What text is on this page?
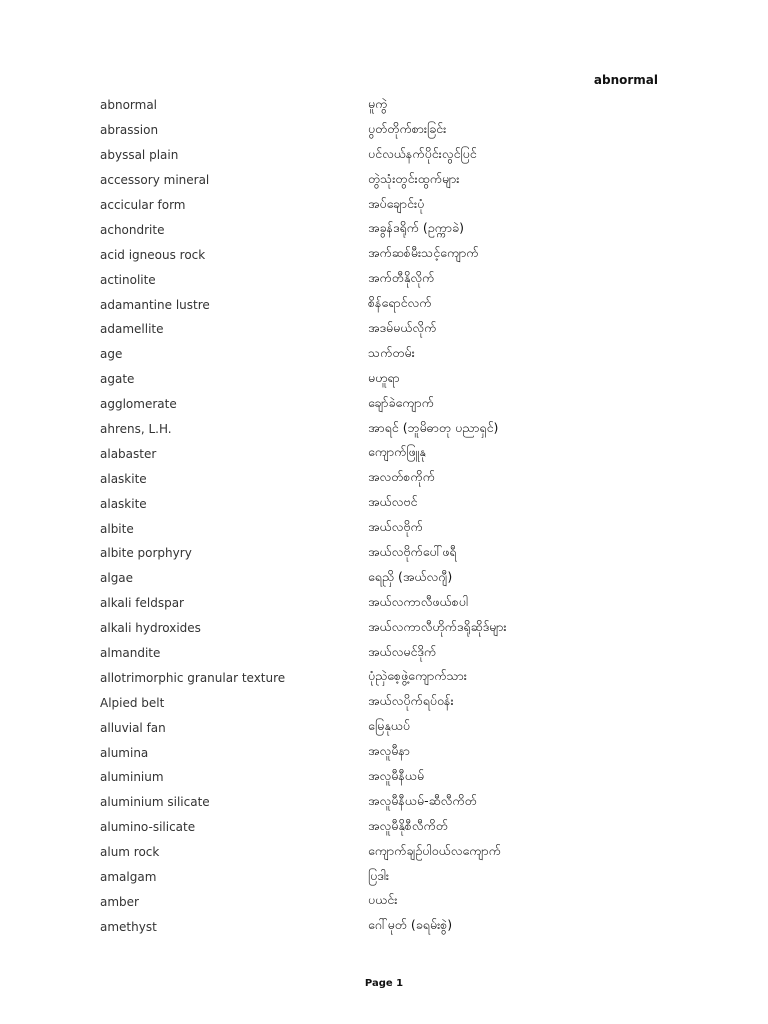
abnormal
abnormal	မူကွဲ
abrassion	ပွတ်တိုက်စားခြင်း
abyssal plain	ပင်လယ်နက်ပိုင်းလွင်ပြင်
accessory mineral	တွဲသုံးတွင်းထွက်များ
accicular form	အပ်ချောင်းပုံ
achondrite	အခွန်ဒရိုက် (ဥက္ကာခဲ)
acid igneous rock	အက်ဆစ်မီးသင့်ကျောက်
actinolite	အက်တီနိုလိုက်
adamantine lustre	စိန်ရောင်လက်
adamellite	အဒမ်မယ်လိုက်
age	သက်တမ်း
agate	မဟူရာ
agglomerate	ချော်ခဲကျောက်
ahrens, L.H.	အာရင် (ဘူမိဓာတု ပညာရှင်)
alabaster	ကျောက်ဖြူနု
alaskite	အလတ်စကိုက်
alaskite	အယ်လဗင်
albite	အယ်လဗိုက်
albite porphyry	အယ်လဗိုက်ပေါ်ဖရီ
algae	ရေညှိ (အယ်လဂျီ)
alkali feldspar	အယ်လကာလီဖယ်စပါ
alkali hydroxides	အယ်လကာလီဟိုက်ဒရိုဆိုဒ်များ
almandite	အယ်လမင်ဒိုက်
allotrimorphic granular texture	ပုံညှဲစေ့ဖွဲ့ကျောက်သား
Alpied belt	အယ်လပိုက်ရပ်ဝန်း
alluvial fan	မြေနုယပ်
alumina	အလူမီနာ
aluminium	အလူမီနီယမ်
aluminium silicate	အလူမီနီယမ်-ဆီလီကိတ်
alumino-silicate	အလူမီနိုစီလီကိတ်
alum rock	ကျောက်ချဉ်ပါဝယ်လကျောက်
amalgam	ပြဒါး
amber	ပယင်း
amethyst	ဂေါ်မုတ် (ခရမ်းစွဲ)
Page 1
